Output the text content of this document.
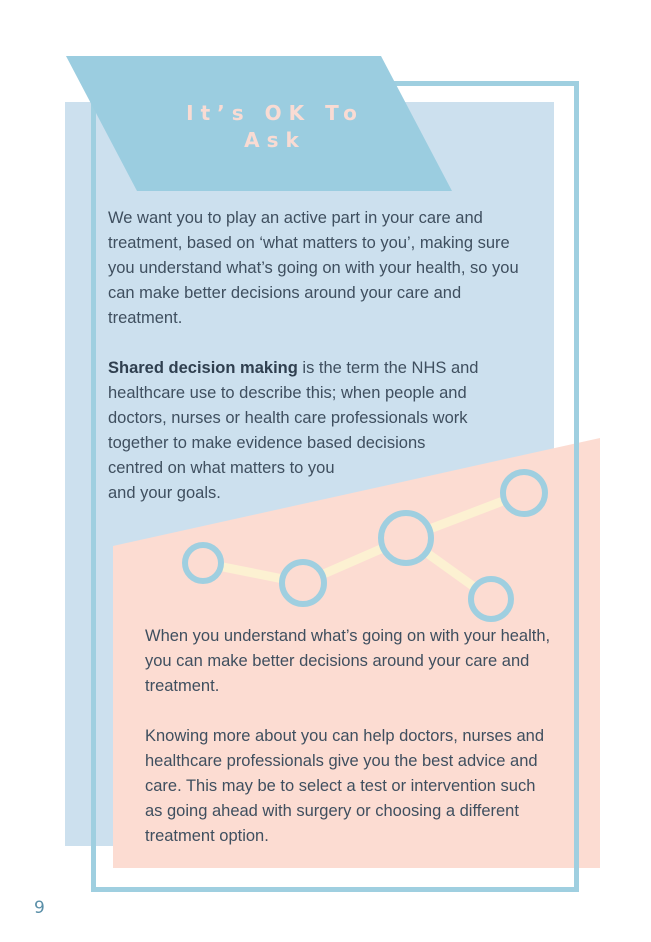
It’s OK To Ask

We want you to play an active part in your care and treatment, based on ‘what matters to you’, making sure you understand what’s going on with your health, so you can make better decisions around your care and treatment.

Shared decision making is the term the NHS and
healthcare use to describe this; when people and
doctors, nurses or health care professionals work
together to make evidence based decisions
centred on what matters to you
and your goals.

When you understand what’s going on with your health, you can make better decisions around your care and treatment.

Knowing more about you can help doctors, nurses and healthcare professionals give you the best advice and care. This may be to select a test or intervention such as going ahead with surgery or choosing a different treatment option.

9
